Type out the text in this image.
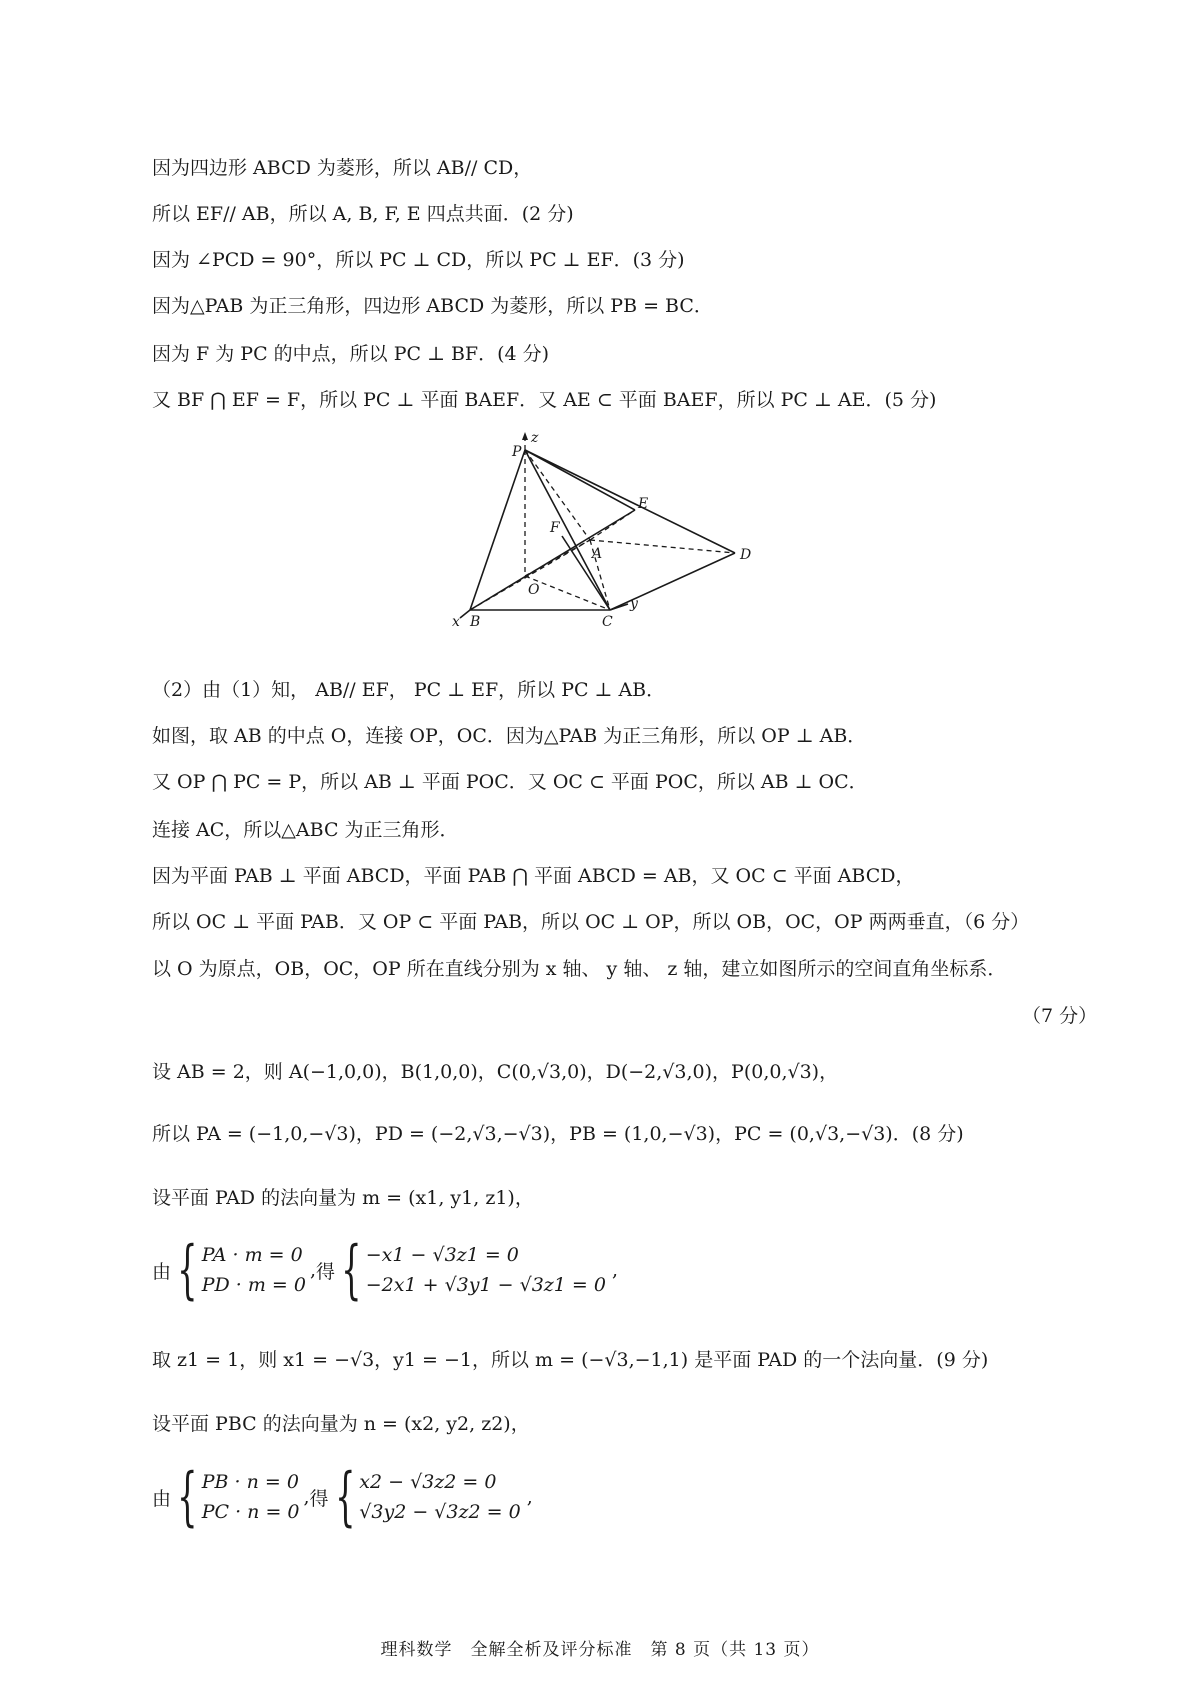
因为四边形 ABCD 为菱形，所以 AB// CD，
所以 EF// AB，所以 A, B, F, E 四点共面．(2 分)
因为 ∠PCD = 90°，所以 PC ⊥ CD，所以 PC ⊥ EF．(3 分)
因为△PAB 为正三角形，四边形 ABCD 为菱形，所以 PB = BC．
因为 F 为 PC 的中点，所以 PC ⊥ BF．(4 分)
又 BF ⋂ EF = F，所以 PC ⊥ 平面 BAEF．又 AE ⊂ 平面 BAEF，所以 PC ⊥ AE．(5 分)
P
z
E
F
A	D
O
x B	C
y
（2）由（1）知， AB// EF， PC ⊥ EF，所以 PC ⊥ AB．
如图，取 AB 的中点 O，连接 OP，OC．因为△PAB 为正三角形，所以 OP ⊥ AB．
又 OP ⋂ PC = P，所以 AB ⊥ 平面 POC．又 OC ⊂ 平面 POC，所以 AB ⊥ OC．
连接 AC，所以△ABC 为正三角形．
因为平面 PAB ⊥ 平面 ABCD，平面 PAB ⋂ 平面 ABCD = AB，又 OC ⊂ 平面 ABCD，
所以 OC ⊥ 平面 PAB．又 OP ⊂ 平面 PAB，所以 OC ⊥ OP，所以 OB，OC，OP 两两垂直，（6 分）
以 O 为原点，OB，OC，OP 所在直线分别为 x 轴、 y 轴、 z 轴，建立如图所示的空间直角坐标系．
（7 分）
设 AB = 2，则 A(−1,0,0)，B(1,0,0)，C(0,√3,0)，D(−2,√3,0)，P(0,0,√3)，
所以 PA = (−1,0,−√3)，PD = (−2,√3,−√3)，PB = (1,0,−√3)，PC = (0,√3,−√3)．(8 分)
设平面 PAD 的法向量为 m = (x1, y1, z1)，
由 { PA · m = 0
PD · m = 0
, 得 { −x1 − √3z1 = 0
−2x1 + √3y1 − √3z1 = 0
,
取 z1 = 1，则 x1 = −√3，y1 = −1，所以 m = (−√3,−1,1) 是平面 PAD 的一个法向量．(9 分)
设平面 PBC 的法向量为 n = (x2, y2, z2)，
由 { PB · n = 0
PC · n = 0
, 得 { x2 − √3z2 = 0
√3y2 − √3z2 = 0
,
理科数学　全解全析及评分标准　第 8 页（共 13 页）
